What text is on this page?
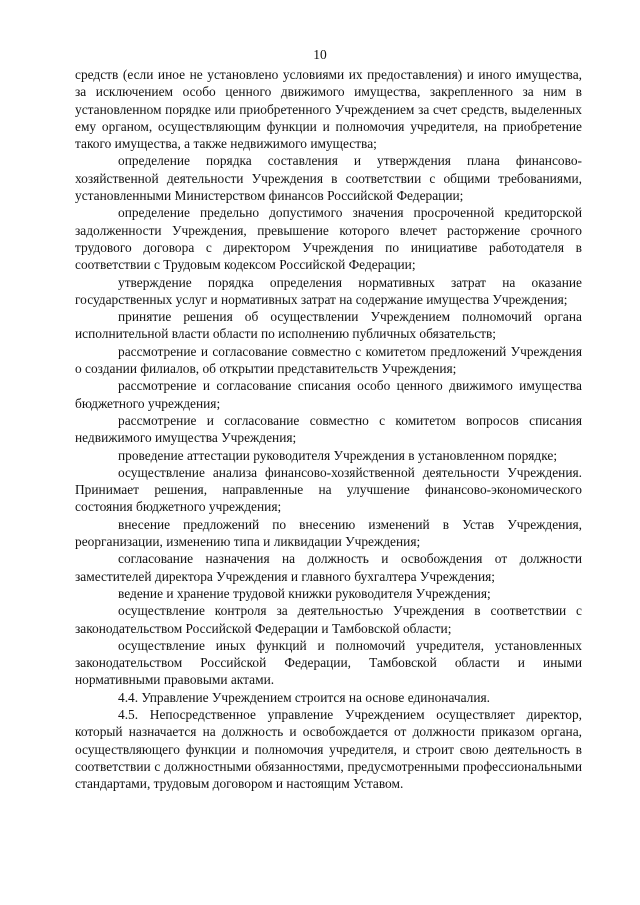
10

средств (если иное не установлено условиями их предоставления) и иного имущества, за исключением особо ценного движимого имущества, закрепленного за ним в установленном порядке или приобретенного Учреждением за счет средств, выделенных ему органом, осуществляющим функции и полномочия учредителя, на приобретение такого имущества, а также недвижимого имущества;

определение порядка составления и утверждения плана финансово-хозяйственной деятельности Учреждения в соответствии с общими требованиями, установленными Министерством финансов Российской Федерации;

определение предельно допустимого значения просроченной кредиторской задолженности Учреждения, превышение которого влечет расторжение срочного трудового договора с директором Учреждения по инициативе работодателя в соответствии с Трудовым кодексом Российской Федерации;

утверждение порядка определения нормативных затрат на оказание государственных услуг и нормативных затрат на содержание имущества Учреждения;

принятие решения об осуществлении Учреждением полномочий органа исполнительной власти области по исполнению публичных обязательств;

рассмотрение и согласование совместно с комитетом предложений Учреждения о создании филиалов, об открытии представительств Учреждения;

рассмотрение и согласование списания особо ценного движимого имущества бюджетного учреждения;

рассмотрение и согласование совместно с комитетом вопросов списания недвижимого имущества Учреждения;

проведение аттестации руководителя Учреждения в установленном порядке;

осуществление анализа финансово-хозяйственной деятельности Учреждения. Принимает решения, направленные на улучшение финансово-экономического состояния бюджетного учреждения;

внесение предложений по внесению изменений в Устав Учреждения, реорганизации, изменению типа и ликвидации Учреждения;

согласование назначения на должность и освобождения от должности заместителей директора Учреждения и главного бухгалтера Учреждения;

ведение и хранение трудовой книжки руководителя Учреждения;

осуществление контроля за деятельностью Учреждения в соответствии с законодательством Российской Федерации и Тамбовской области;

осуществление иных функций и полномочий учредителя, установленных законодательством Российской Федерации, Тамбовской области и иными нормативными правовыми актами.

4.4. Управление Учреждением строится на основе единоначалия.

4.5. Непосредственное управление Учреждением осуществляет директор, который назначается на должность и освобождается от должности приказом органа, осуществляющего функции и полномочия учредителя, и строит свою деятельность в соответствии с должностными обязанностями, предусмотренными профессиональными стандартами, трудовым договором и настоящим Уставом.
